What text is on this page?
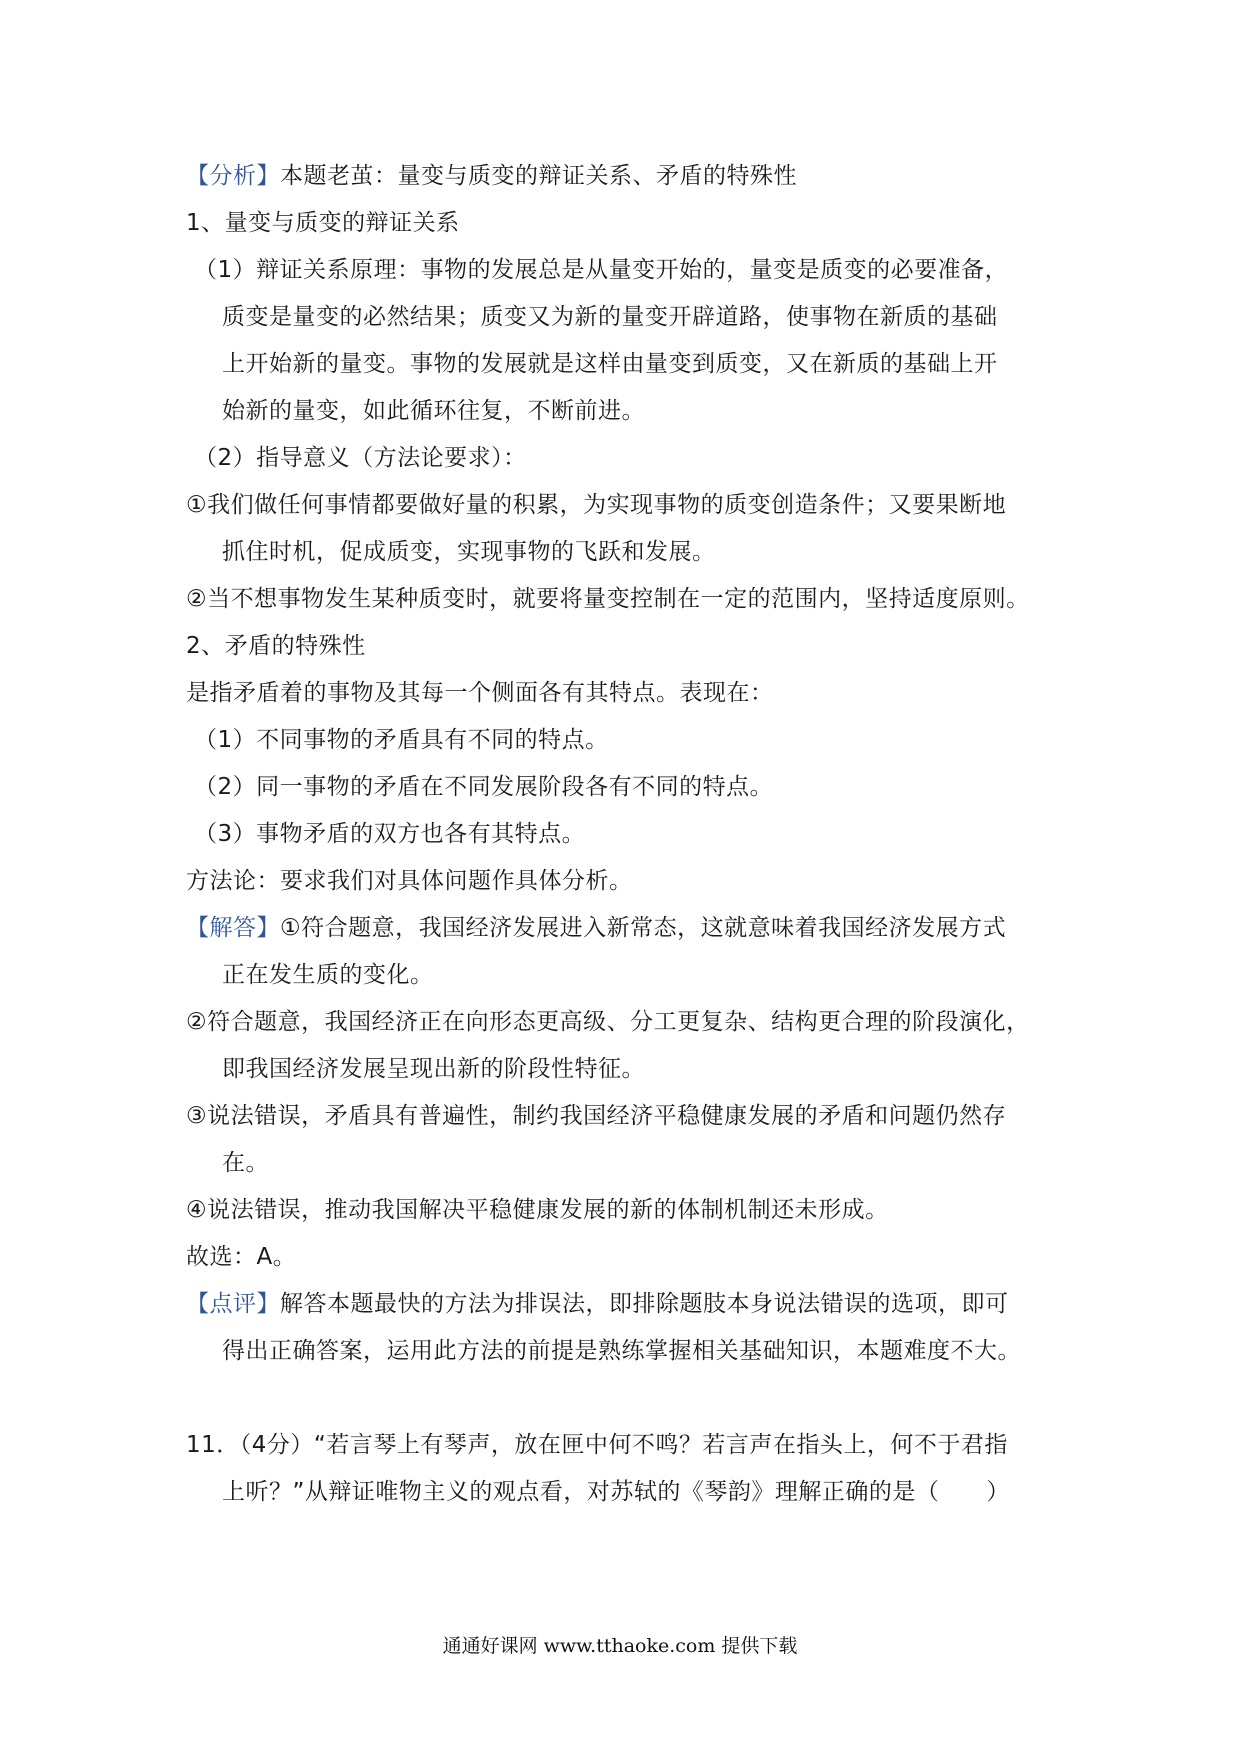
【分析】本题老茧：量变与质变的辩证关系、矛盾的特殊性
1、量变与质变的辩证关系
（1）辩证关系原理：事物的发展总是从量变开始的，量变是质变的必要准备，
质变是量变的必然结果；质变又为新的量变开辟道路，使事物在新质的基础
上开始新的量变。事物的发展就是这样由量变到质变，又在新质的基础上开
始新的量变，如此循环往复，不断前进。
（2）指导意义（方法论要求）：
①我们做任何事情都要做好量的积累，为实现事物的质变创造条件；又要果断地
抓住时机，促成质变，实现事物的飞跃和发展。
②当不想事物发生某种质变时，就要将量变控制在一定的范围内，坚持适度原则。
2、矛盾的特殊性
是指矛盾着的事物及其每一个侧面各有其特点。表现在：
（1）不同事物的矛盾具有不同的特点。
（2）同一事物的矛盾在不同发展阶段各有不同的特点。
（3）事物矛盾的双方也各有其特点。
方法论：要求我们对具体问题作具体分析。
【解答】①符合题意，我国经济发展进入新常态，这就意味着我国经济发展方式
正在发生质的变化。
②符合题意，我国经济正在向形态更高级、分工更复杂、结构更合理的阶段演化，
即我国经济发展呈现出新的阶段性特征。
③说法错误，矛盾具有普遍性，制约我国经济平稳健康发展的矛盾和问题仍然存
在。
④说法错误，推动我国解决平稳健康发展的新的体制机制还未形成。
故选：A。
【点评】解答本题最快的方法为排误法，即排除题肢本身说法错误的选项，即可
得出正确答案，运用此方法的前提是熟练掌握相关基础知识，本题难度不大。
11．（4分）“若言琴上有琴声，放在匣中何不鸣？若言声在指头上，何不于君指
上听？”从辩证唯物主义的观点看，对苏轼的《琴韵》理解正确的是（　　）
通通好课网 www.tthaoke.com 提供下载
